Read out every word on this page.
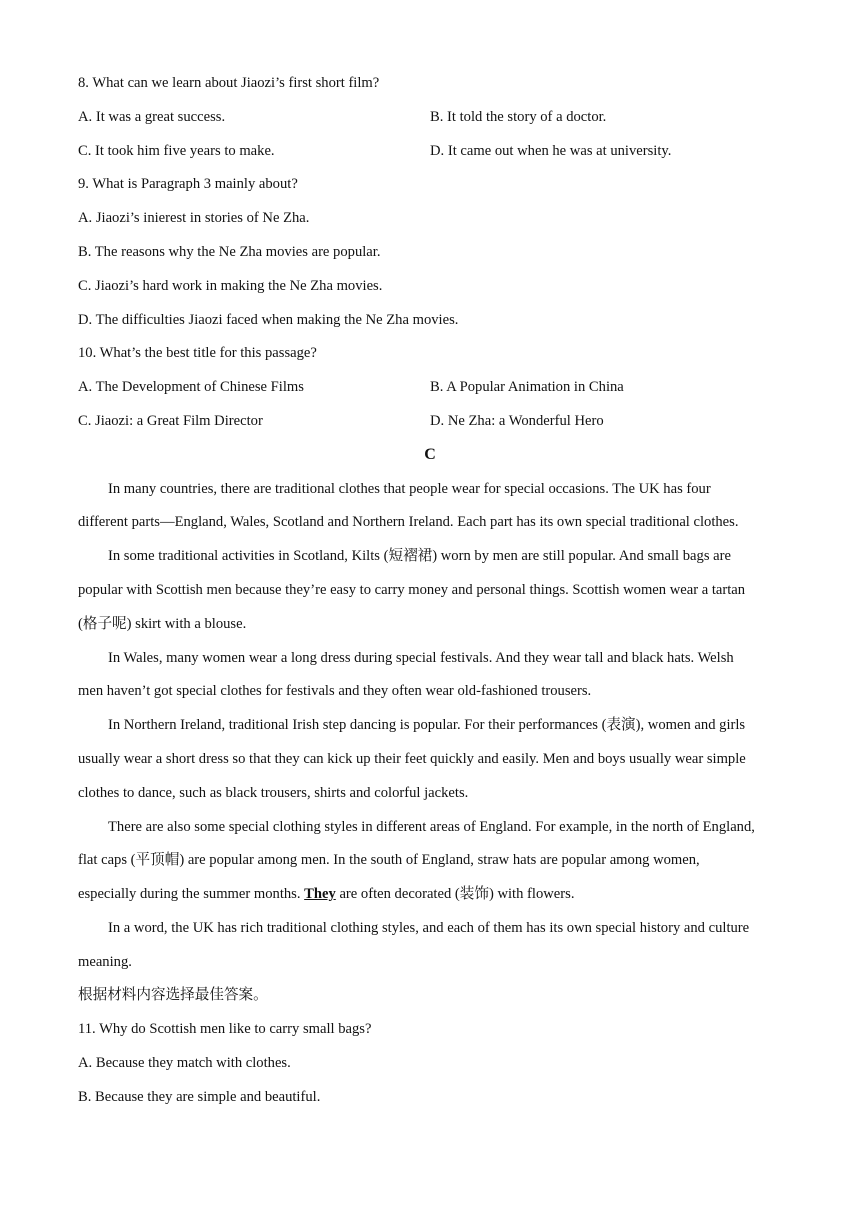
8. What can we learn about Jiaozi’s first short film?
A. It was a great success.	B. It told the story of a doctor.
C. It took him five years to make.	D. It came out when he was at university.
9. What is Paragraph 3 mainly about?
A. Jiaozi’s inierest in stories of Ne Zha.
B. The reasons why the Ne Zha movies are popular.
C. Jiaozi’s hard work in making the Ne Zha movies.
D. The difficulties Jiaozi faced when making the Ne Zha movies.
10. What’s the best title for this passage?
A. The Development of Chinese Films	B. A Popular Animation in China
C. Jiaozi: a Great Film Director	D. Ne Zha: a Wonderful Hero
C
In many countries, there are traditional clothes that people wear for special occasions. The UK has four
different parts—England, Wales, Scotland and Northern Ireland. Each part has its own special traditional clothes.
In some traditional activities in Scotland, Kilts (短褶裙) worn by men are still popular. And small bags are
popular with Scottish men because they’re easy to carry money and personal things. Scottish women wear a tartan
(格子呢) skirt with a blouse.
In Wales, many women wear a long dress during special festivals. And they wear tall and black hats. Welsh
men haven’t got special clothes for festivals and they often wear old-fashioned trousers.
In Northern Ireland, traditional Irish step dancing is popular. For their performances (表演), women and girls
usually wear a short dress so that they can kick up their feet quickly and easily. Men and boys usually wear simple
clothes to dance, such as black trousers, shirts and colorful jackets.
There are also some special clothing styles in different areas of England. For example, in the north of England,
flat caps (平顶帽) are popular among men. In the south of England, straw hats are popular among women,
especially during the summer months. They are often decorated (装饰) with flowers.
In a word, the UK has rich traditional clothing styles, and each of them has its own special history and culture
meaning.
根据材料内容选择最佳答案。
11. Why do Scottish men like to carry small bags?
A. Because they match with clothes.
B. Because they are simple and beautiful.
